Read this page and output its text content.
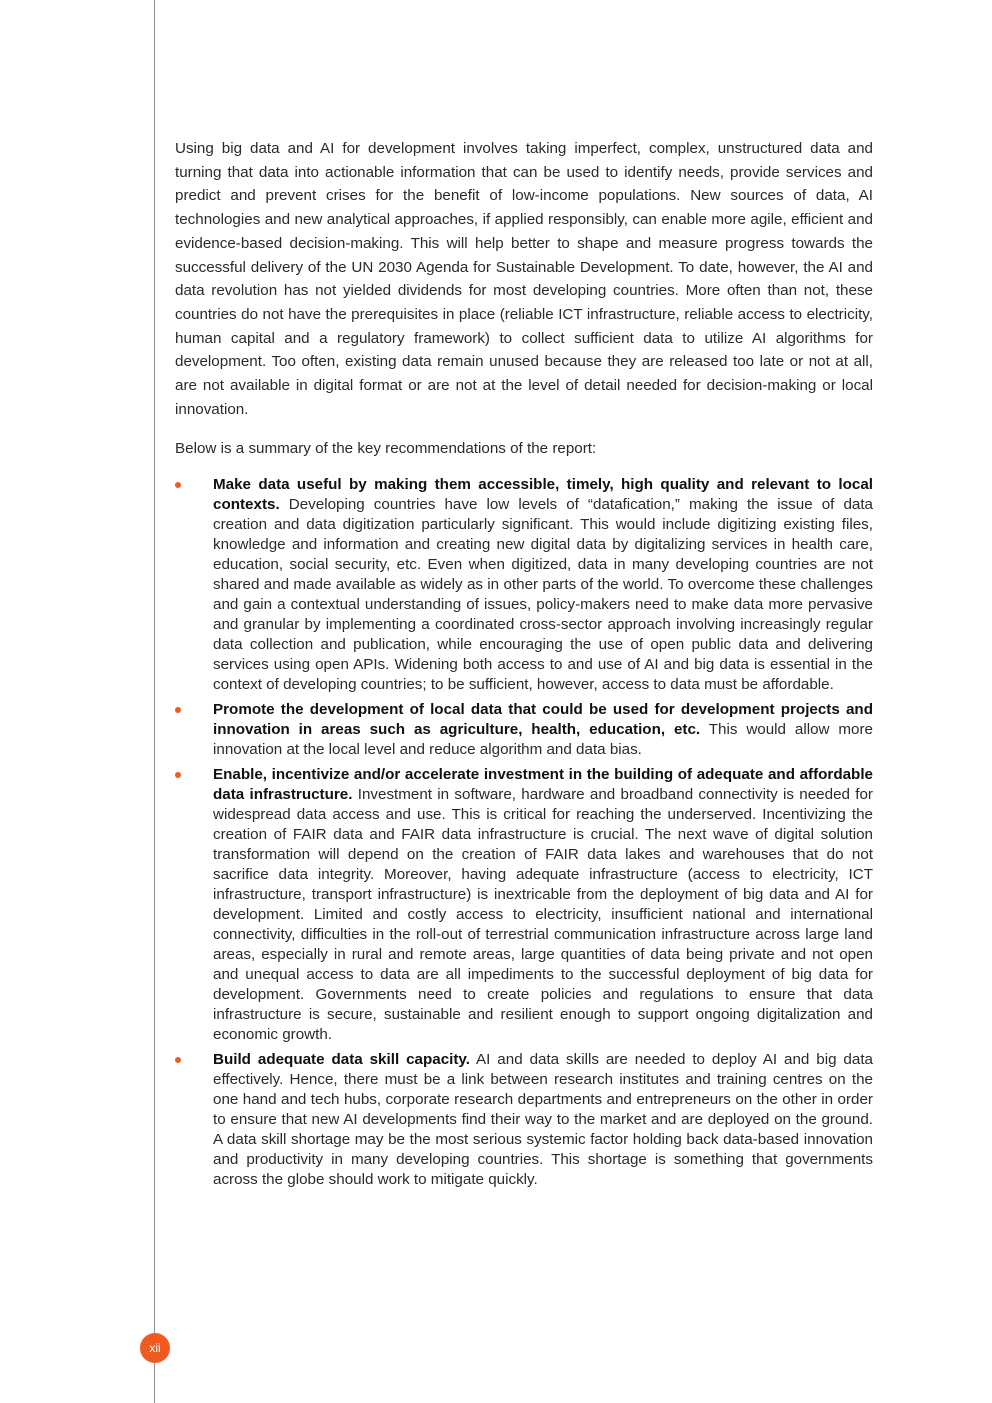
Using big data and AI for development involves taking imperfect, complex, unstructured data and turning that data into actionable information that can be used to identify needs, provide services and predict and prevent crises for the benefit of low-income populations. New sources of data, AI technologies and new analytical approaches, if applied responsibly, can enable more agile, efficient and evidence-based decision-making. This will help better to shape and measure progress towards the successful delivery of the UN 2030 Agenda for Sustainable Development. To date, however, the AI and data revolution has not yielded dividends for most developing countries. More often than not, these countries do not have the prerequisites in place (reliable ICT infrastructure, reliable access to electricity, human capital and a regulatory framework) to collect sufficient data to utilize AI algorithms for development. Too often, existing data remain unused because they are released too late or not at all, are not available in digital format or are not at the level of detail needed for decision-making or local innovation.

Below is a summary of the key recommendations of the report:

Make data useful by making them accessible, timely, high quality and relevant to local contexts. Developing countries have low levels of “datafication,” making the issue of data creation and data digitization particularly significant. This would include digitizing existing files, knowledge and information and creating new digital data by digitalizing services in health care, education, social security, etc. Even when digitized, data in many developing countries are not shared and made available as widely as in other parts of the world. To overcome these challenges and gain a contextual understanding of issues, policy-makers need to make data more pervasive and granular by implementing a coordinated cross-sector approach involving increasingly regular data collection and publication, while encouraging the use of open public data and delivering services using open APIs. Widening both access to and use of AI and big data is essential in the context of developing countries; to be sufficient, however, access to data must be affordable.
Promote the development of local data that could be used for development projects and innovation in areas such as agriculture, health, education, etc. This would allow more innovation at the local level and reduce algorithm and data bias.
Enable, incentivize and/or accelerate investment in the building of adequate and affordable data infrastructure. Investment in software, hardware and broadband connectivity is needed for widespread data access and use. This is critical for reaching the underserved. Incentivizing the creation of FAIR data and FAIR data infrastructure is crucial. The next wave of digital solution transformation will depend on the creation of FAIR data lakes and warehouses that do not sacrifice data integrity. Moreover, having adequate infrastructure (access to electricity, ICT infrastructure, transport infrastructure) is inextricable from the deployment of big data and AI for development. Limited and costly access to electricity, insufficient national and international connectivity, difficulties in the roll-out of terrestrial communication infrastructure across large land areas, especially in rural and remote areas, large quantities of data being private and not open and unequal access to data are all impediments to the successful deployment of big data for development. Governments need to create policies and regulations to ensure that data infrastructure is secure, sustainable and resilient enough to support ongoing digitalization and economic growth.
Build adequate data skill capacity. AI and data skills are needed to deploy AI and big data effectively. Hence, there must be a link between research institutes and training centres on the one hand and tech hubs, corporate research departments and entrepreneurs on the other in order to ensure that new AI developments find their way to the market and are deployed on the ground. A data skill shortage may be the most serious systemic factor holding back data-based innovation and productivity in many developing countries. This shortage is something that governments across the globe should work to mitigate quickly.
xii
